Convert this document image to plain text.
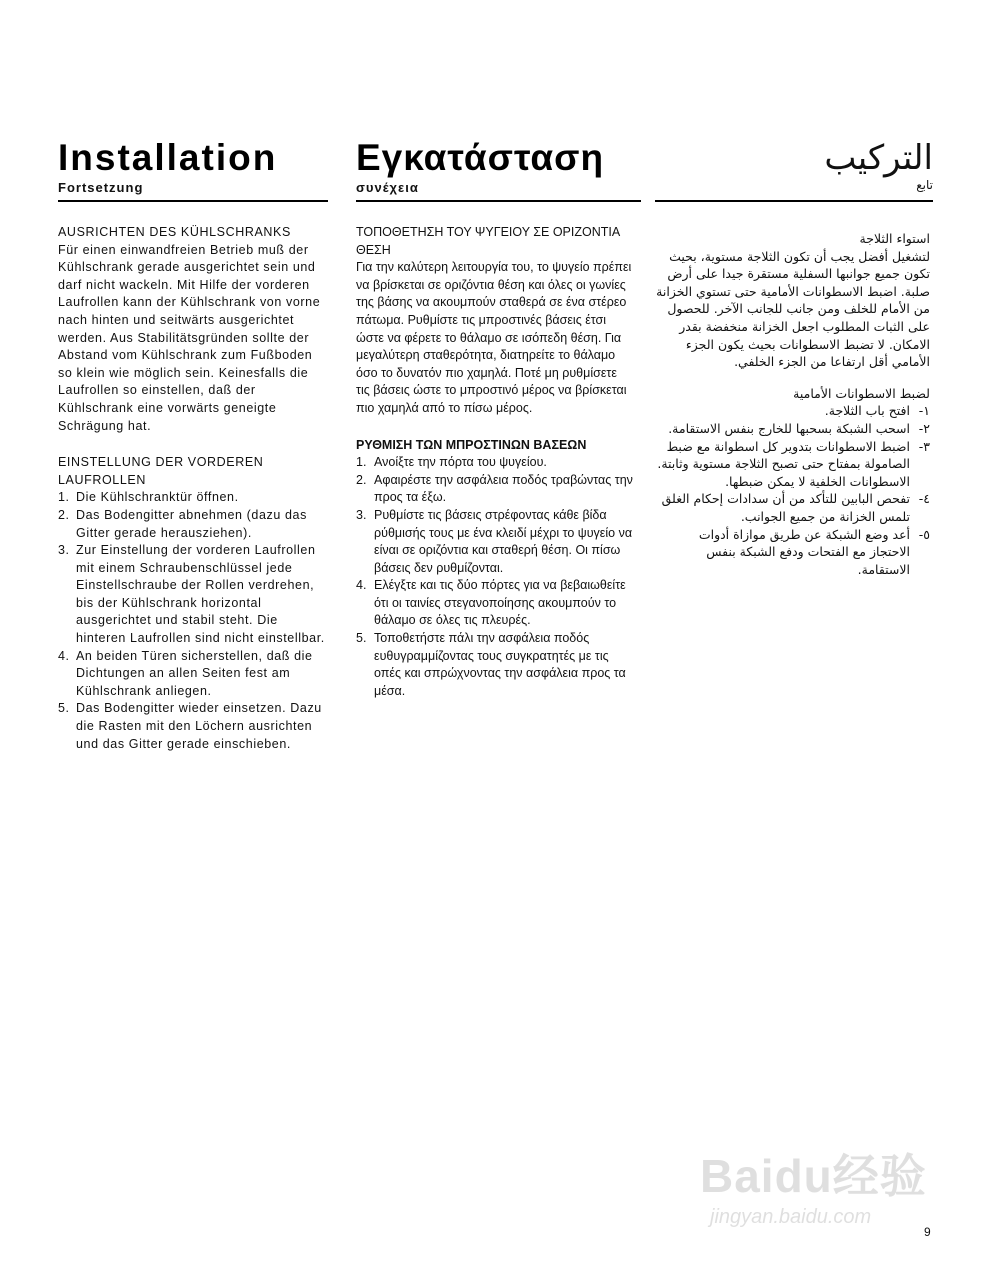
Installation
Fortsetzung
AUSRICHTEN DES KÜHLSCHRANKS
Für einen einwandfreien Betrieb muß der Kühlschrank gerade ausgerichtet sein und darf nicht wackeln. Mit Hilfe der vorderen Laufrollen kann der Kühlschrank von vorne nach hinten und seitwärts ausgerichtet werden. Aus Stabilitätsgründen sollte der Abstand vom Kühlschrank zum Fußboden so klein wie möglich sein. Keinesfalls die Laufrollen so einstellen, daß der Kühlschrank eine vorwärts geneigte Schrägung hat.
EINSTELLUNG DER VORDEREN LAUFROLLEN
1. Die Kühlschranktür öffnen.
2. Das Bodengitter abnehmen (dazu das Gitter gerade herausziehen).
3. Zur Einstellung der vorderen Laufrollen mit einem Schraubenschlüssel jede Einstellschraube der Rollen verdrehen, bis der Kühlschrank horizontal ausgerichtet und stabil steht. Die hinteren Laufrollen sind nicht einstellbar.
4. An beiden Türen sicherstellen, daß die Dichtungen an allen Seiten fest am Kühlschrank anliegen.
5. Das Bodengitter wieder einsetzen. Dazu die Rasten mit den Löchern ausrichten und das Gitter gerade einschieben.
Εγκατάσταση
συνέχεια
ΤΟΠΟΘΕΤΗΣΗ ΤΟΥ ΨΥΓΕΙΟΥ ΣΕ ΟΡΙΖΟΝΤΙΑ ΘΕΣΗ
Για την καλύτερη λειτουργία του, το ψυγείο πρέπει να βρίσκεται σε οριζόντια θέση και όλες οι γωνίες της βάσης να ακουμπούν σταθερά σε ένα στέρεο πάτωμα. Ρυθμίστε τις μπροστινές βάσεις έτσι ώστε να φέρετε το θάλαμο σε ισόπεδη θέση. Για μεγαλύτερη σταθερότητα, διατηρείτε το θάλαμο όσο το δυνατόν πιο χαμηλά. Ποτέ μη ρυθμίσετε τις βάσεις ώστε το μπροστινό μέρος να βρίσκεται πιο χαμηλά από το πίσω μέρος.
ΡΥΘΜΙΣΗ ΤΩΝ ΜΠΡΟΣΤΙΝΩΝ ΒΑΣΕΩΝ
1. Ανοίξτε την πόρτα του ψυγείου.
2. Αφαιρέστε την ασφάλεια ποδός τραβώντας την προς τα έξω.
3. Ρυθμίστε τις βάσεις στρέφοντας κάθε βίδα ρύθμισής τους με ένα κλειδί μέχρι το ψυγείο να είναι σε οριζόντια και σταθερή θέση. Οι πίσω βάσεις δεν ρυθμίζονται.
4. Ελέγξτε και τις δύο πόρτες για να βεβαιωθείτε ότι οι ταινίες στεγανοποίησης ακουμπούν το θάλαμο σε όλες τις πλευρές.
5. Τοποθετήστε πάλι την ασφάλεια ποδός ευθυγραμμίζοντας τους συγκρατητές με τις οπές και σπρώχνοντας την ασφάλεια προς τα μέσα.
التركيب
تابع
استواء الثلاجة
لتشغيل أفضل يجب أن تكون الثلاجة مستوية، بحيث تكون جميع جوانبها السفلية مستقرة جيدا على أرض صلبة. اضبط الاسطوانات الأمامية حتى تستوي الخزانة من الأمام للخلف ومن جانب للجانب الآخر. للحصول على الثبات المطلوب اجعل الخزانة منخفضة بقدر الامكان. لا تضبط الاسطوانات بحيث يكون الجزء الأمامي أقل ارتفاعا من الجزء الخلفي.
لضبط الاسطوانات الأمامية
١-
افتح باب الثلاجة.
٢-
اسحب الشبكة بسحبها للخارج بنفس الاستقامة.
٣-
اضبط الاسطوانات بتدوير كل اسطوانة مع ضبط الصامولة بمفتاح حتى تصبح الثلاجة مستوية وثابتة. الاسطوانات الخلفية لا يمكن ضبطها.
٤-
تفحص البابين للتأكد من أن سدادات إحكام الغلق تلمس الخزانة من جميع الجوانب.
٥-
أعد وضع الشبكة عن طريق موازاة أدوات الاحتجاز مع الفتحات ودفع الشبكة بنفس الاستقامة.
Baidu经验
jingyan.baidu.com
9
